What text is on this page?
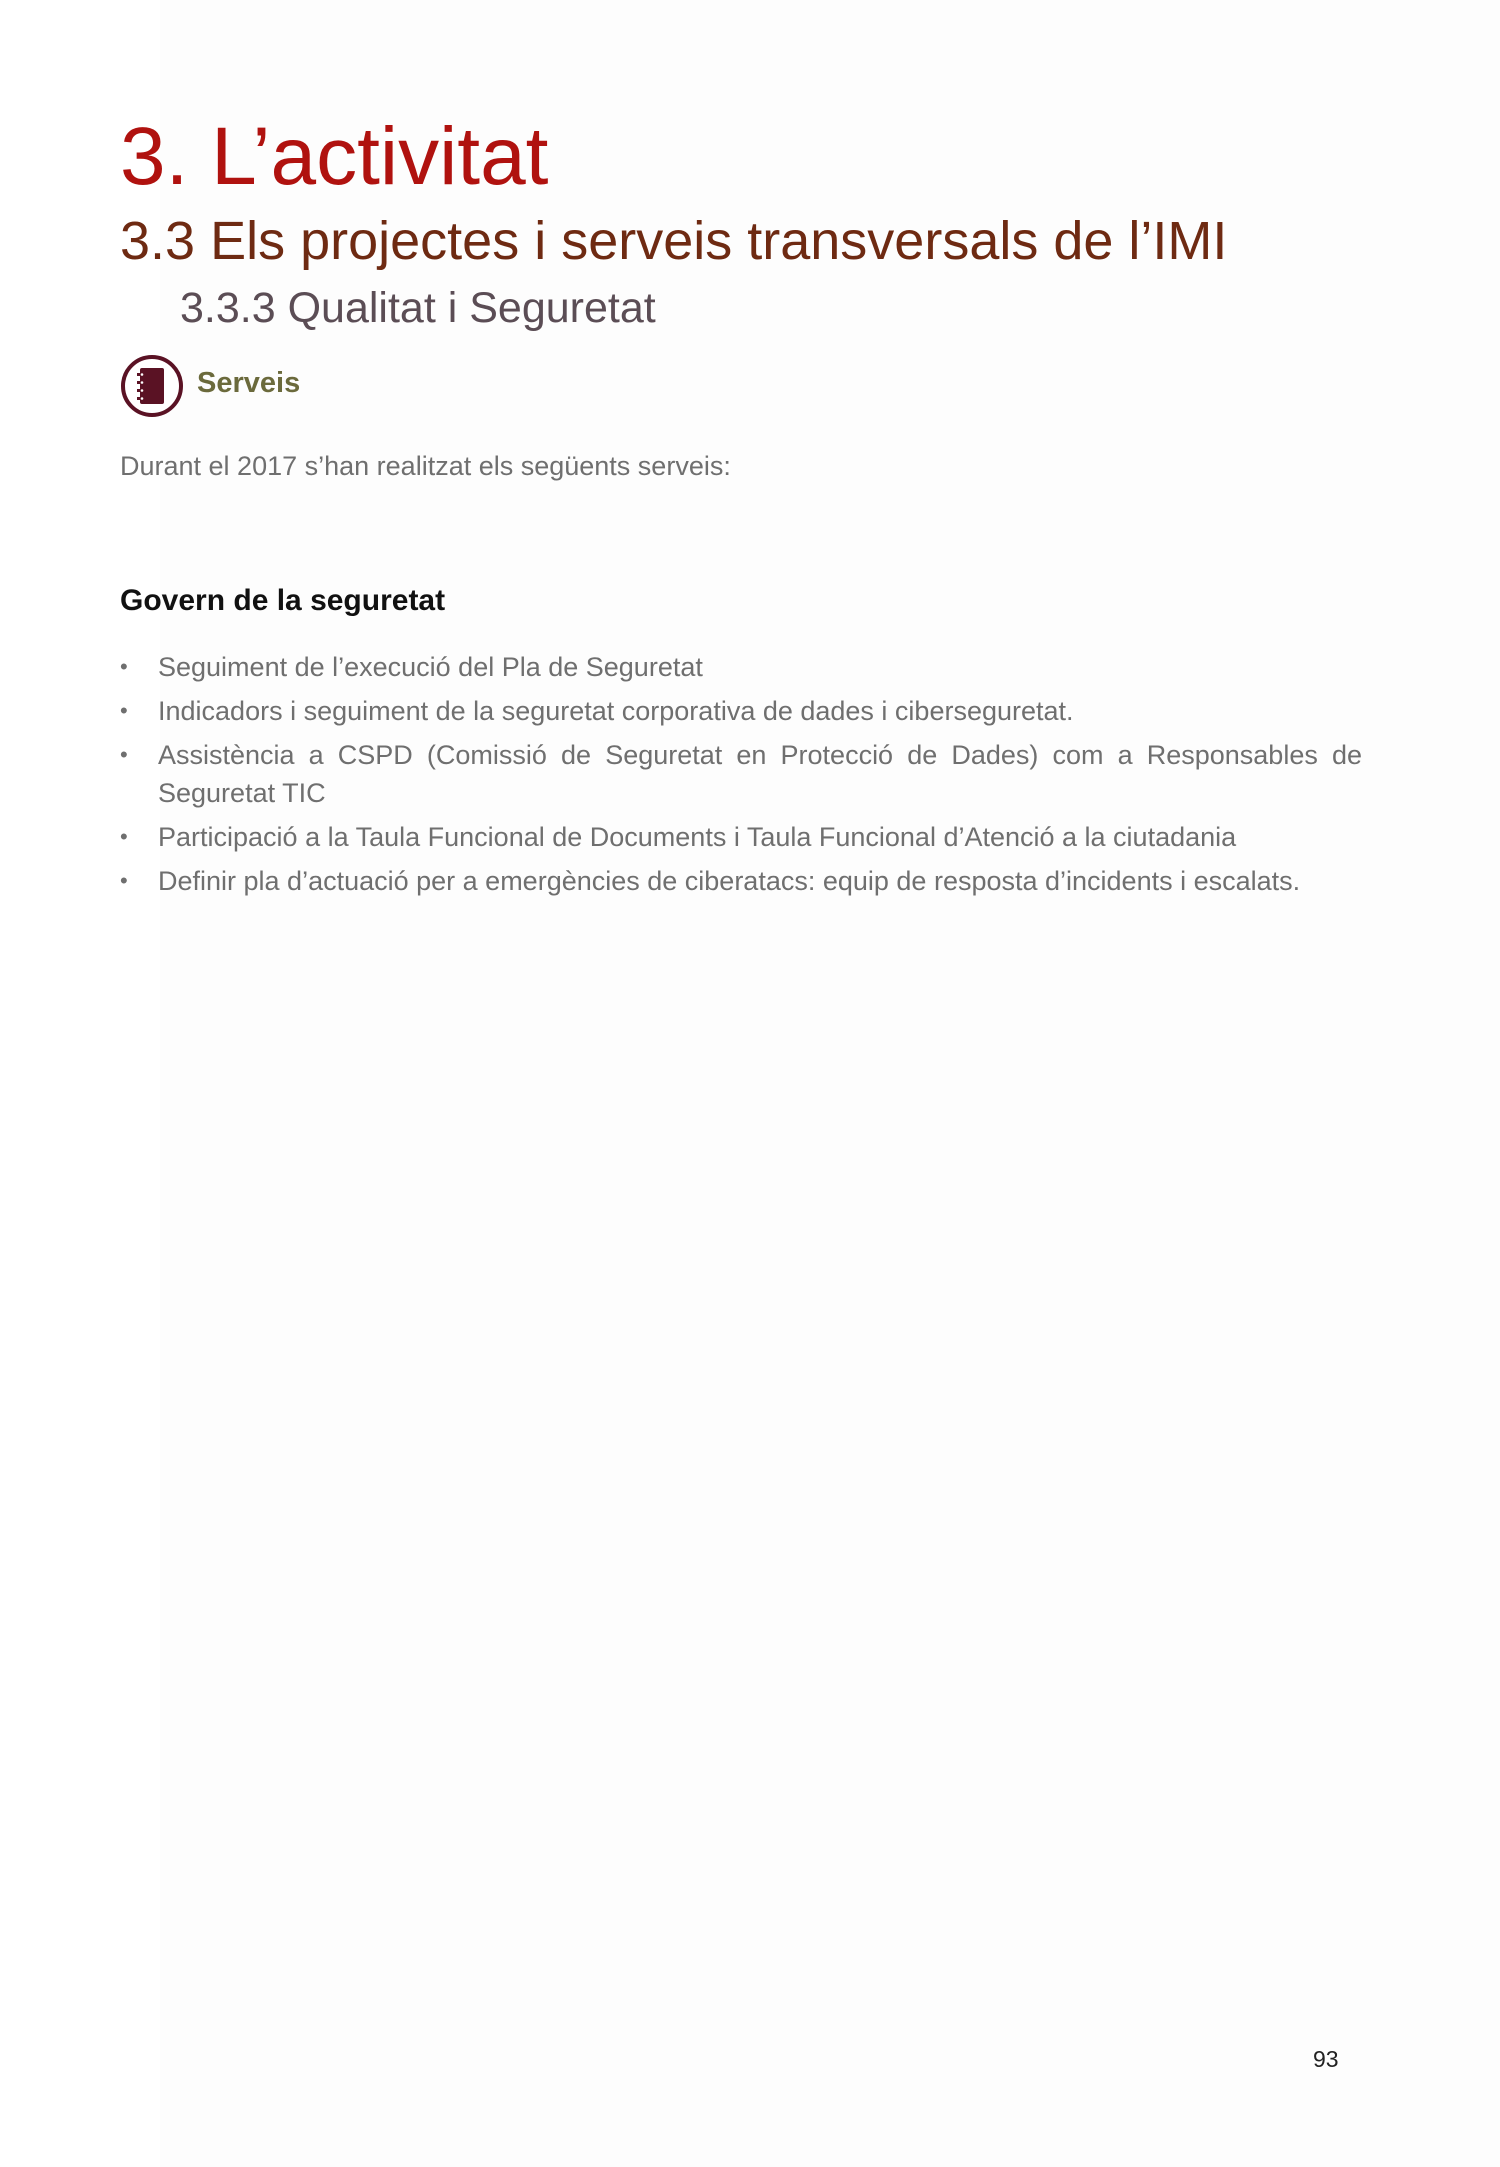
3. L’activitat
3.3 Els projectes i serveis transversals de l’IMI
3.3.3 Qualitat i Seguretat
Serveis
Durant el 2017 s’han realitzat els següents serveis:
Govern de la seguretat
• Seguiment de l’execució del Pla de Seguretat
• Indicadors i seguiment de la seguretat corporativa de dades i ciberseguretat.
• Assistència a CSPD (Comissió de Seguretat en Protecció de Dades) com a Responsables de Seguretat TIC
• Participació a la Taula Funcional de Documents i Taula Funcional d’Atenció a la ciutadania
• Definir pla d’actuació per a emergències de ciberatacs: equip de resposta d’incidents i escalats.
93
